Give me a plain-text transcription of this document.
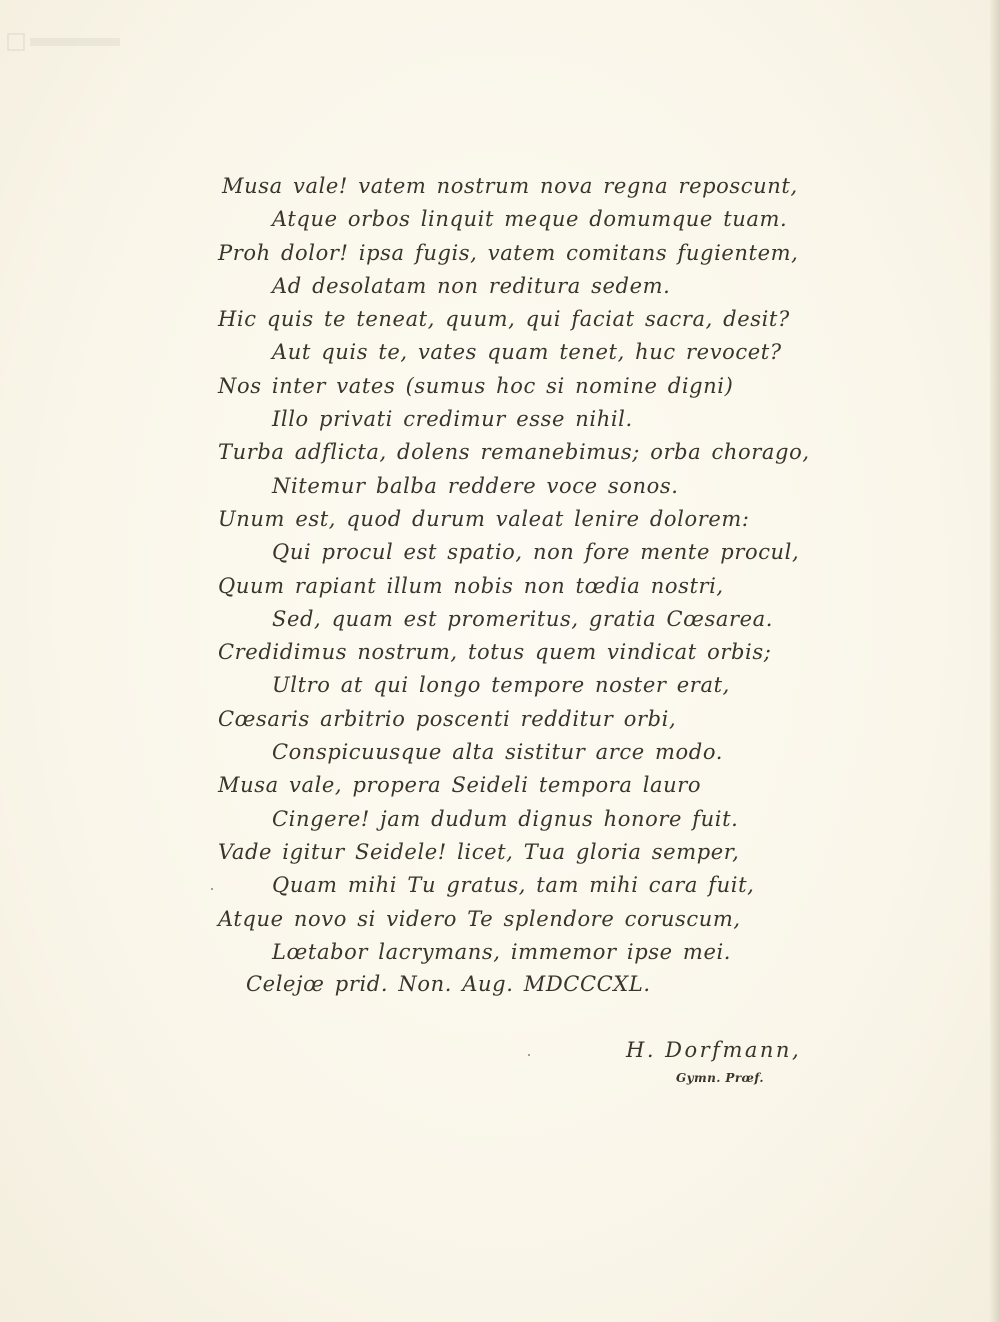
Musa vale! vatem nostrum nova regna reposcunt,
Atque orbos linquit meque domumque tuam.
Proh dolor! ipsa fugis, vatem comitans fugientem,
Ad desolatam non reditura sedem.
Hic quis te teneat, quum, qui faciat sacra, desit?
Aut quis te, vates quam tenet, huc revocet?
Nos inter vates (sumus hoc si nomine digni)
Illo privati credimur esse nihil.
Turba adflicta, dolens remanebimus; orba chorago,
Nitemur balba reddere voce sonos.
Unum est, quod durum valeat lenire dolorem:
Qui procul est spatio, non fore mente procul,
Quum rapiant illum nobis non tœdia nostri,
Sed, quam est promeritus, gratia Cœsarea.
Credidimus nostrum, totus quem vindicat orbis;
Ultro at qui longo tempore noster erat,
Cœsaris arbitrio poscenti redditur orbi,
Conspicuusque alta sistitur arce modo.
Musa vale, propera Seideli tempora lauro
Cingere! jam dudum dignus honore fuit.
Vade igitur Seidele! licet, Tua gloria semper,
Quam mihi Tu gratus, tam mihi cara fuit,
Atque novo si videro Te splendore coruscum,
Lœtabor lacrymans, immemor ipse mei.
Celejœ prid. Non. Aug. MDCCCXL.
H. Dorfmann,
Gymn. Prœf.
